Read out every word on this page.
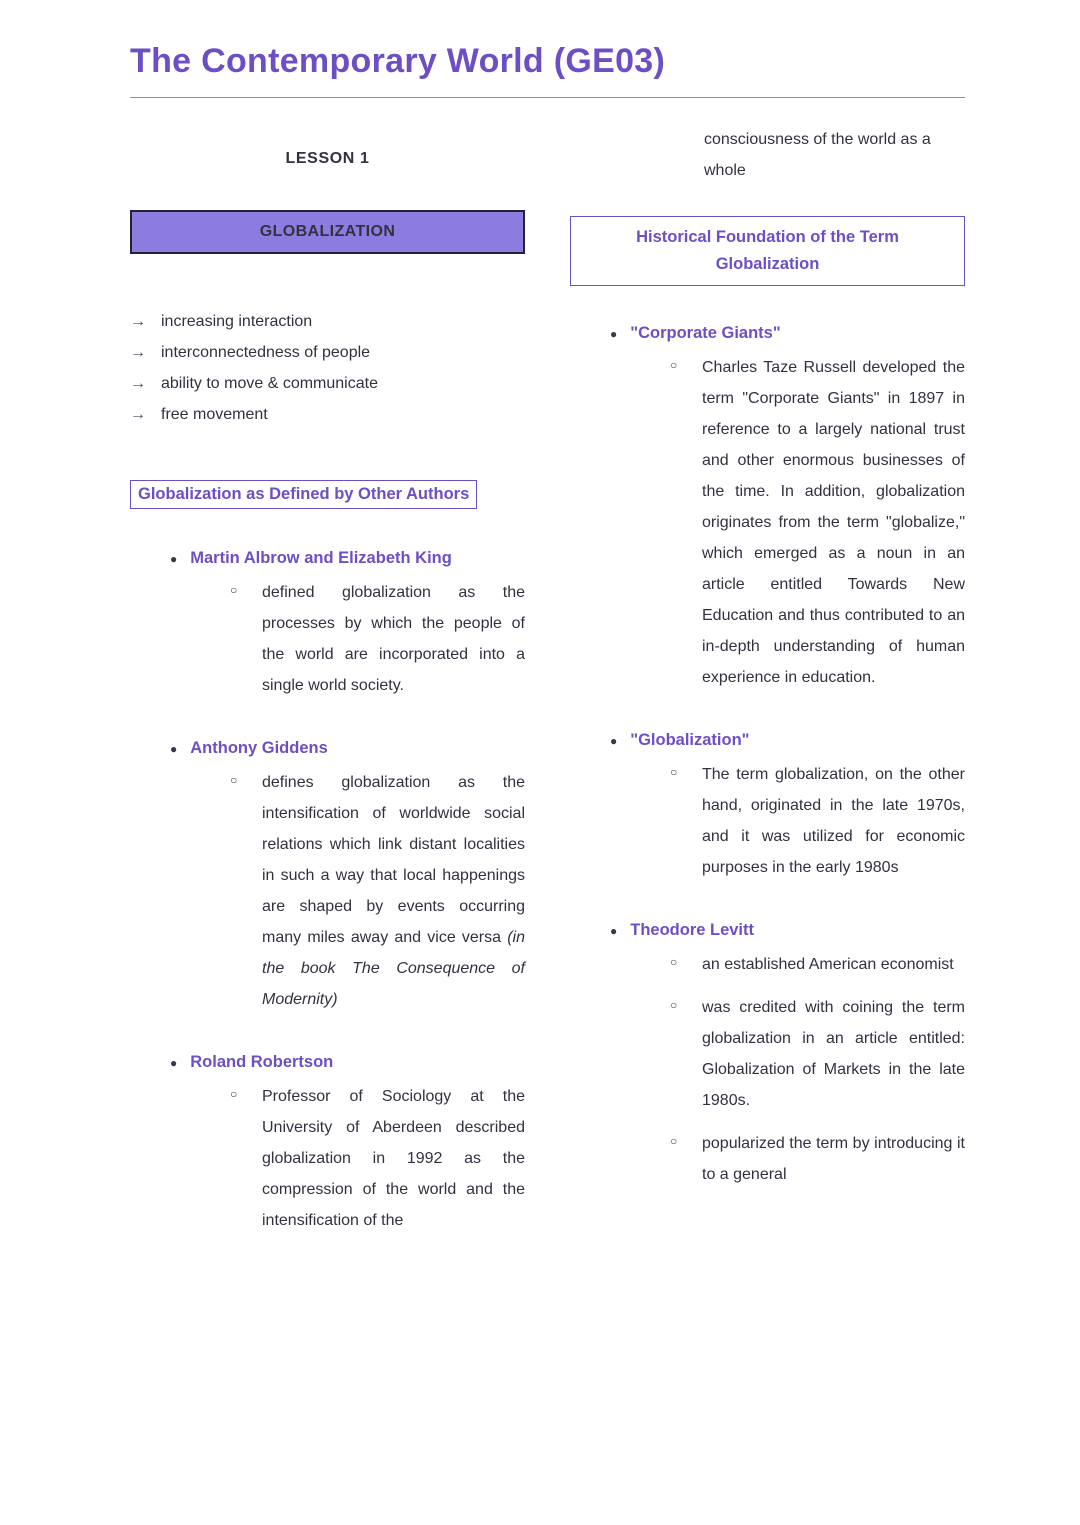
The Contemporary World (GE03)
LESSON 1
GLOBALIZATION
→ increasing interaction
→ interconnectedness of people
→ ability to move & communicate
→ free movement
Globalization as Defined by Other Authors
● Martin Albrow and Elizabeth King
○	defined globalization as the processes by which the people of the world are incorporated into a single world society.

● Anthony Giddens
○	defines globalization as the intensification of worldwide social relations which link distant localities in such a way that local happenings are shaped by events occurring many miles away and vice versa (in the book The Consequence of Modernity)

● Roland Robertson
○	Professor of Sociology at the University of Aberdeen described globalization in 1992 as the compression of the world and the intensification of the

consciousness of the world as a whole

Historical Foundation of the Term Globalization
● "Corporate Giants"
○	Charles Taze Russell developed the term "Corporate Giants" in 1897 in reference to a largely national trust and other enormous businesses of the time. In addition, globalization originates from the term "globalize," which emerged as a noun in an article entitled Towards New Education and thus contributed to an in-depth understanding of human experience in education.

● "Globalization"
○	The term globalization, on the other hand, originated in the late 1970s, and it was utilized for economic purposes in the early 1980s

● Theodore Levitt
○	an established American economist

○	was credited with coining the term globalization in an article entitled: Globalization of Markets in the late 1980s.

○	popularized the term by introducing it to a general
